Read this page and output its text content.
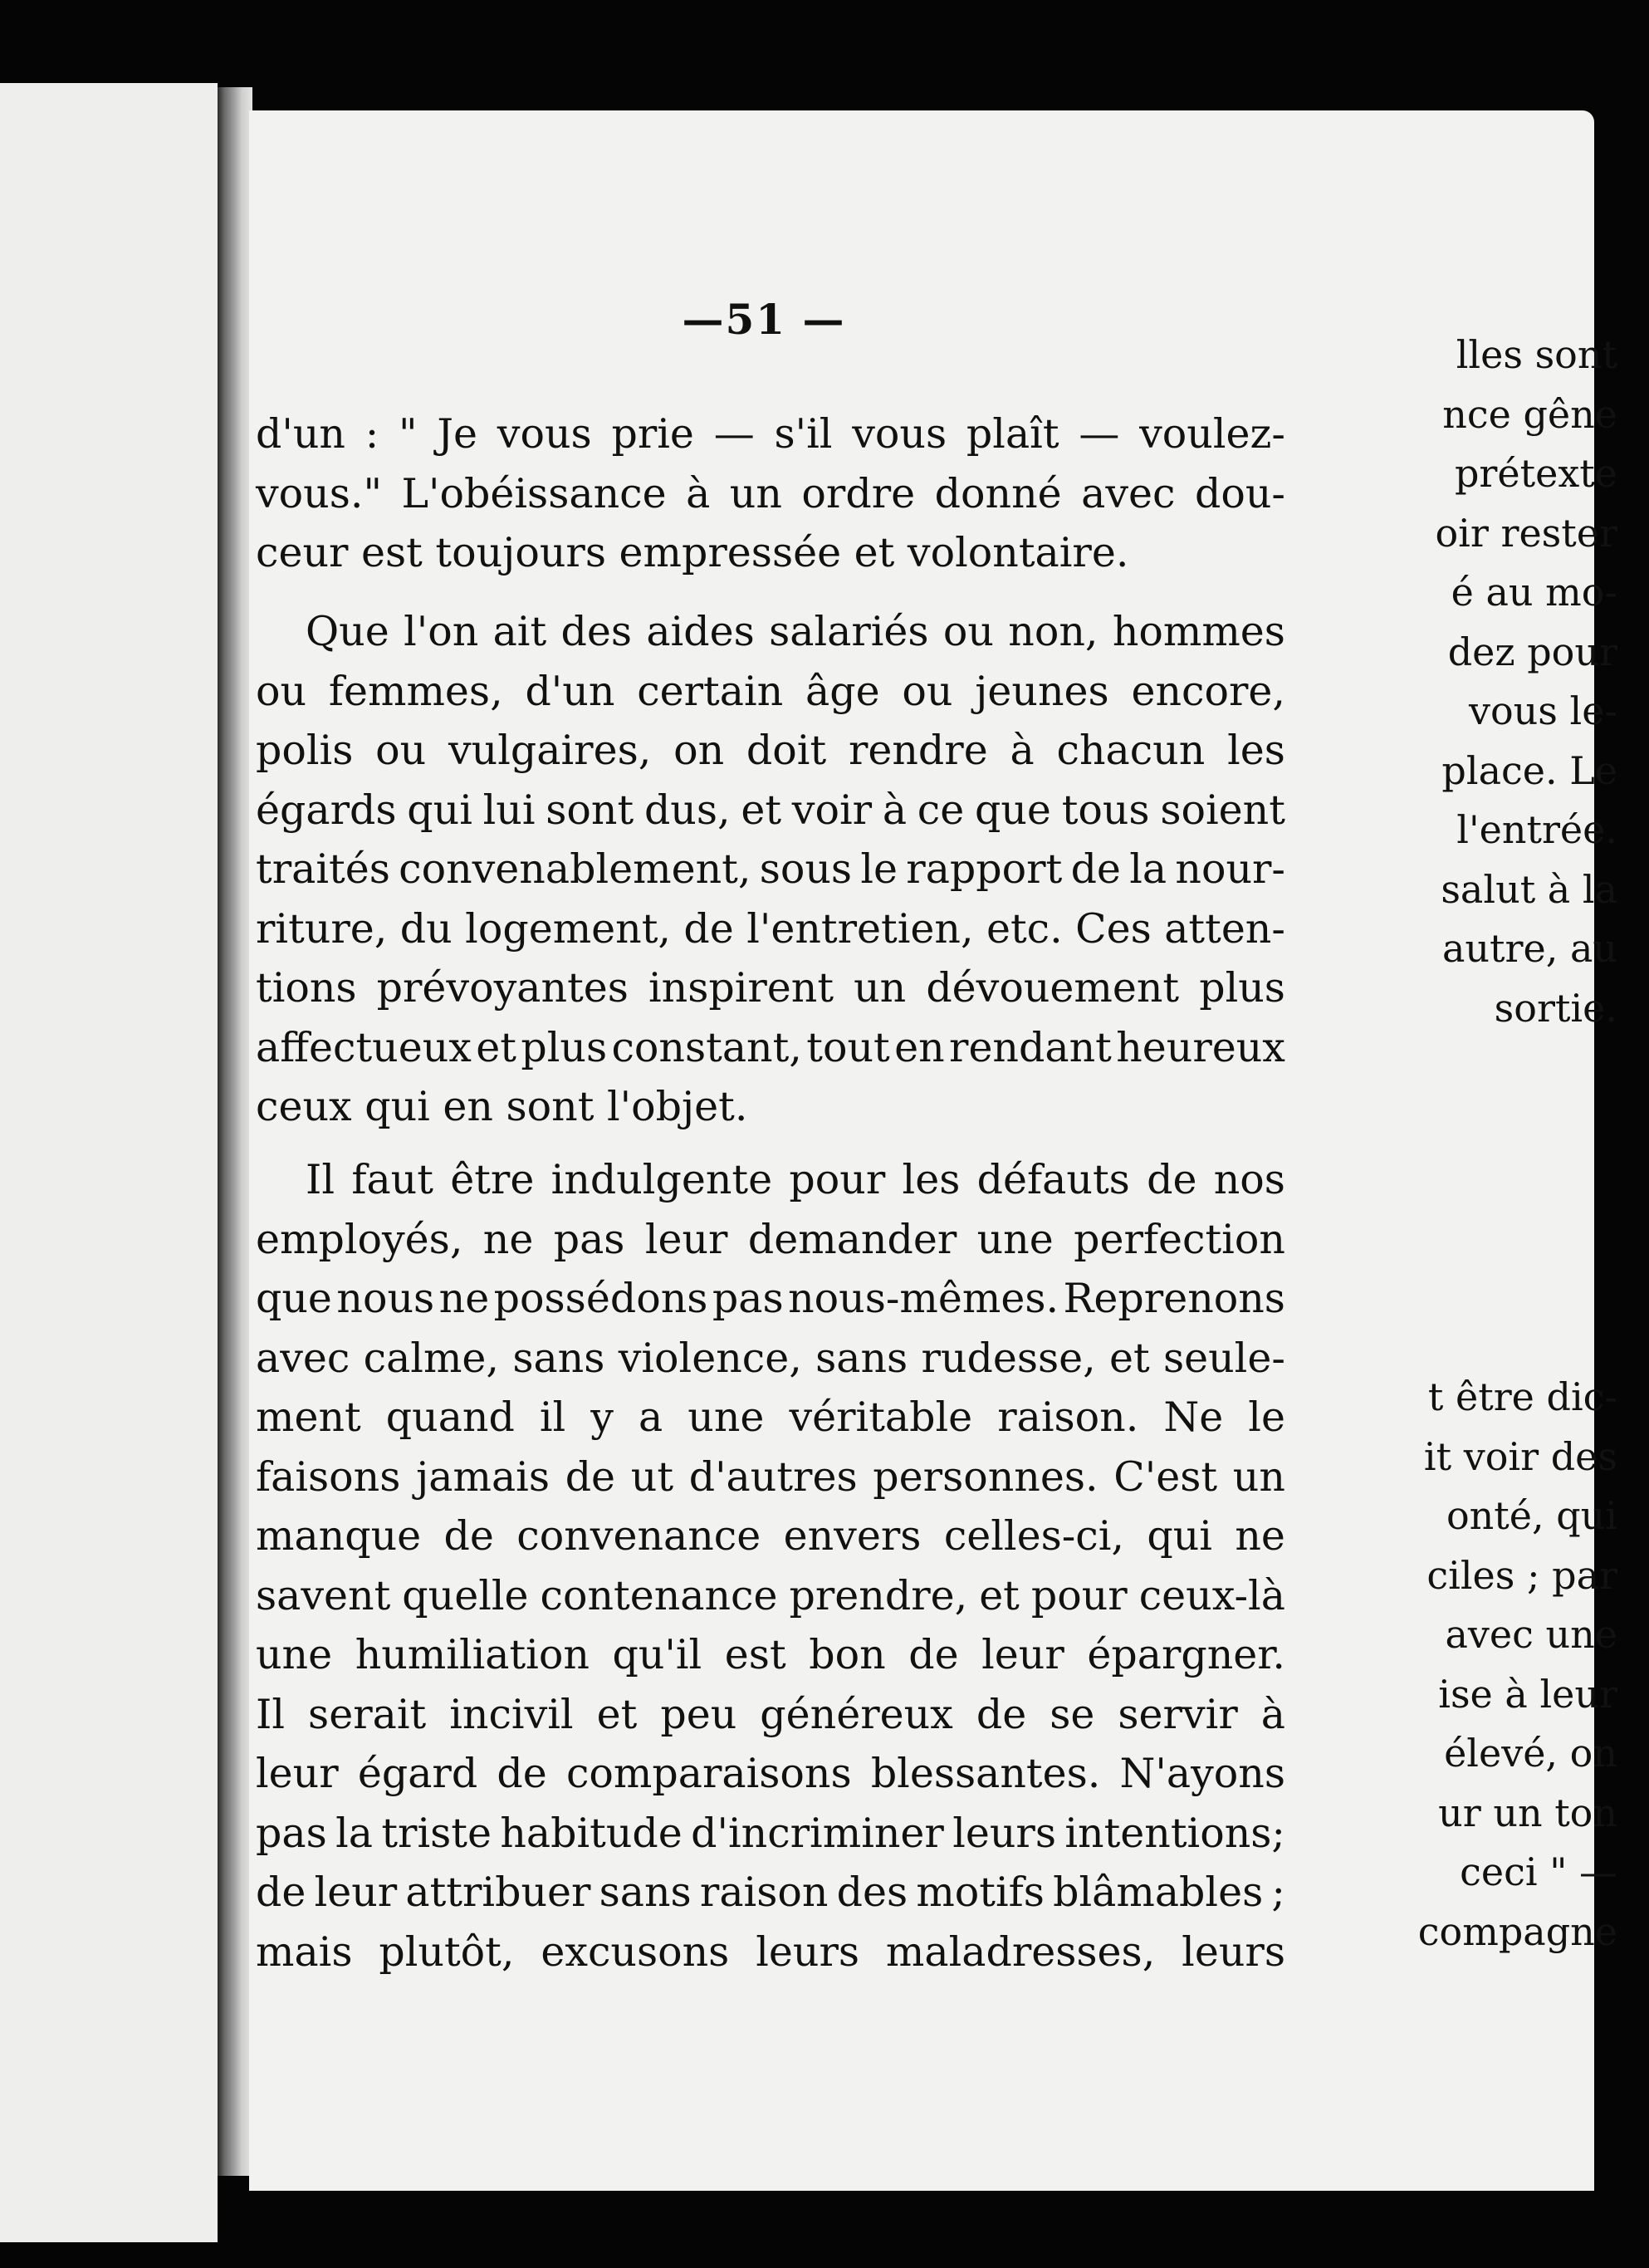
lles sont
nce gêne
prétexte
oir rester
é au mo-
dez pour
vous le-
place. Le
l'entrée.
salut à la
autre, au
sortie.
t être dic-
it voir des
onté, qui
ciles ; par
avec une
ise à leur
élevé, on
ur un ton
ceci " —
compagne
—51 —
d'un : " Je vous prie — s'il vous plaît — voulez-
vous." L'obéissance à un ordre donné avec dou-
ceur est toujours empressée et volontaire.
Que l'on ait des aides salariés ou non, hommes
ou femmes, d'un certain âge ou jeunes encore,
polis ou vulgaires, on doit rendre à chacun les
égards qui lui sont dus, et voir à ce que tous soient
traités convenablement, sous le rapport de la nour-
riture, du logement, de l'entretien, etc. Ces atten-
tions prévoyantes inspirent un dévouement plus
affectueux et plus constant, tout en rendant heureux
ceux qui en sont l'objet.
Il faut être indulgente pour les défauts de nos
employés, ne pas leur demander une perfection
que nous ne possédons pas nous-mêmes. Reprenons
avec calme, sans violence, sans rudesse, et seule-
ment quand il y a une véritable raison. Ne le
faisons jamais de ut d'autres personnes. C'est un
manque de convenance envers celles-ci, qui ne
savent quelle contenance prendre, et pour ceux-là
une humiliation qu'il est bon de leur épargner.
Il serait incivil et peu généreux de se servir à
leur égard de comparaisons blessantes. N'ayons
pas la triste habitude d'incriminer leurs intentions;
de leur attribuer sans raison des motifs blâmables ;
mais plutôt, excusons leurs maladresses, leurs
